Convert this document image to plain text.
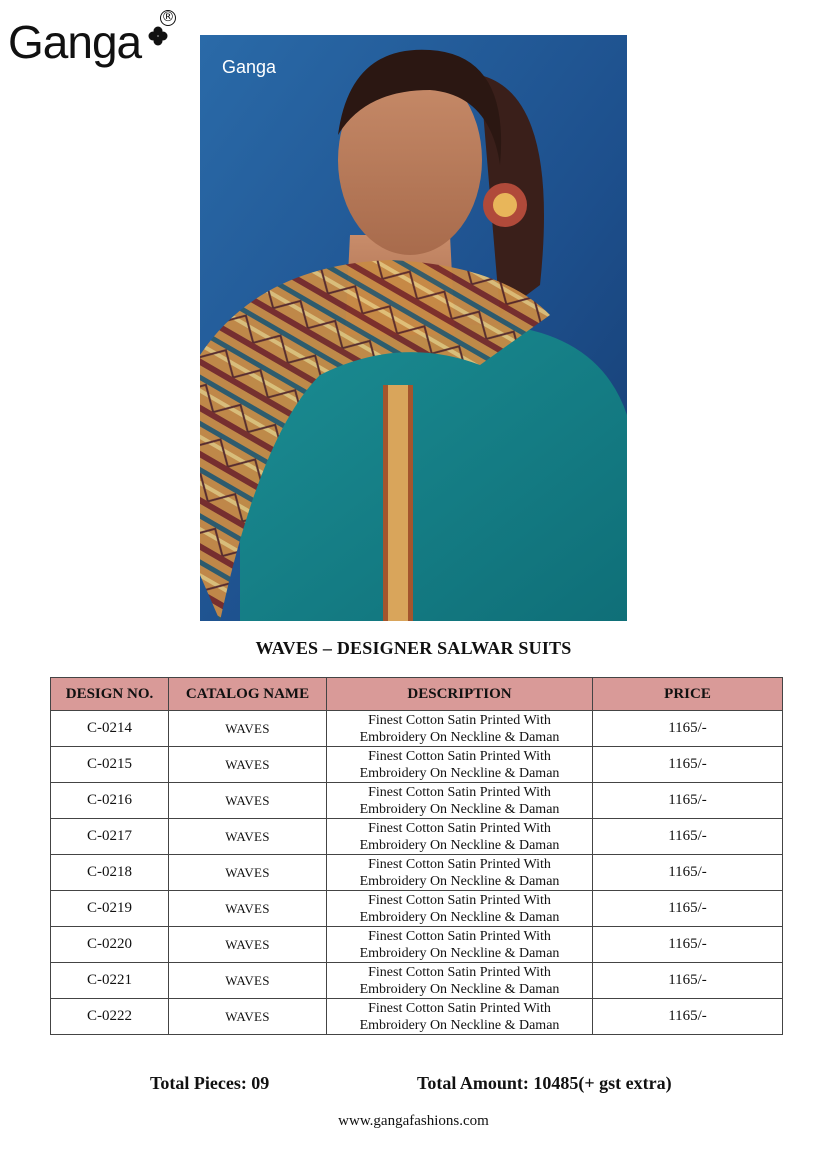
Ganga ®
Ganga
WAVES – DESIGNER SALWAR SUITS
DESIGN NO.	CATALOG NAME	DESCRIPTION	PRICE
C-0214	WAVES	Finest Cotton Satin Printed With
Embroidery On Neckline & Daman	1165/-
C-0215	WAVES	Finest Cotton Satin Printed With
Embroidery On Neckline & Daman	1165/-
C-0216	WAVES	Finest Cotton Satin Printed With
Embroidery On Neckline & Daman	1165/-
C-0217	WAVES	Finest Cotton Satin Printed With
Embroidery On Neckline & Daman	1165/-
C-0218	WAVES	Finest Cotton Satin Printed With
Embroidery On Neckline & Daman	1165/-
C-0219	WAVES	Finest Cotton Satin Printed With
Embroidery On Neckline & Daman	1165/-
C-0220	WAVES	Finest Cotton Satin Printed With
Embroidery On Neckline & Daman	1165/-
C-0221	WAVES	Finest Cotton Satin Printed With
Embroidery On Neckline & Daman	1165/-
C-0222	WAVES	Finest Cotton Satin Printed With
Embroidery On Neckline & Daman	1165/-
Total Pieces: 09	Total Amount: 10485(+ gst extra)
www.gangafashions.com
